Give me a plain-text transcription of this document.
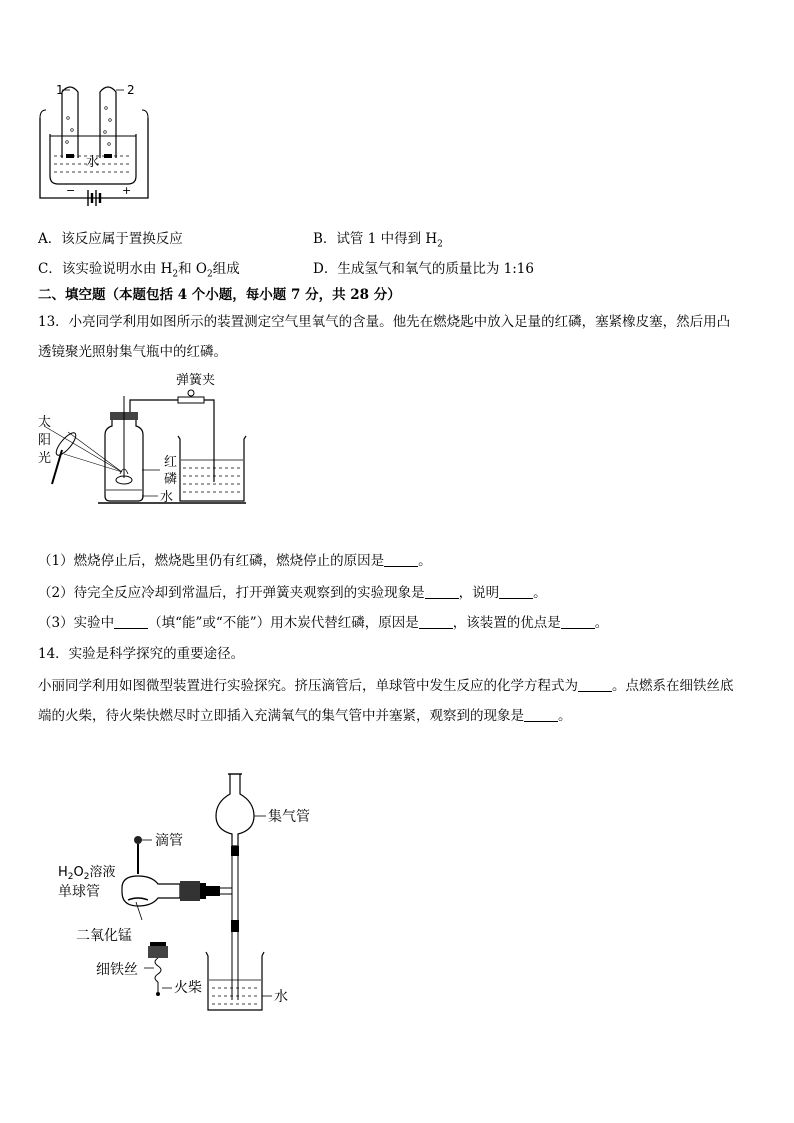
1	2
水
−	+
A．该反应属于置换反应	B．试管 1 中得到 $H_2$
C．该实验说明水由 $H_2$和 $O_2$组成	D．生成氢气和氧气的质量比为 1:16
二、填空题（本题包括 4 个小题，每小题 7 分，共 28 分）
13．小亮同学利用如图所示的装置测定空气里氧气的含量。他先在燃烧匙中放入足量的红磷，塞紧橡皮塞，然后用凸
透镜聚光照射集气瓶中的红磷。
弹簧夹
太
阳
光	红
磷
水
（1）燃烧停止后，燃烧匙里仍有红磷，燃烧停止的原因是	。
（2）待完全反应冷却到常温后，打开弹簧夹观察到的实验现象是	，说明	。
（3）实验中	（填“能”或“不能”）用木炭代替红磷，原因是	，该装置的优点是	。
14．实验是科学探究的重要途径。
小丽同学利用如图微型装置进行实验探究。挤压滴管后，单球管中发生反应的化学方程式为	。点燃系在细铁丝底
端的火柴，待火柴快燃尽时立即插入充满氧气的集气管中并塞紧，观察到的现象是	。
集气管
滴管
$H_2O_2$溶液
单球管
二氧化锰
细铁丝
火柴
水
